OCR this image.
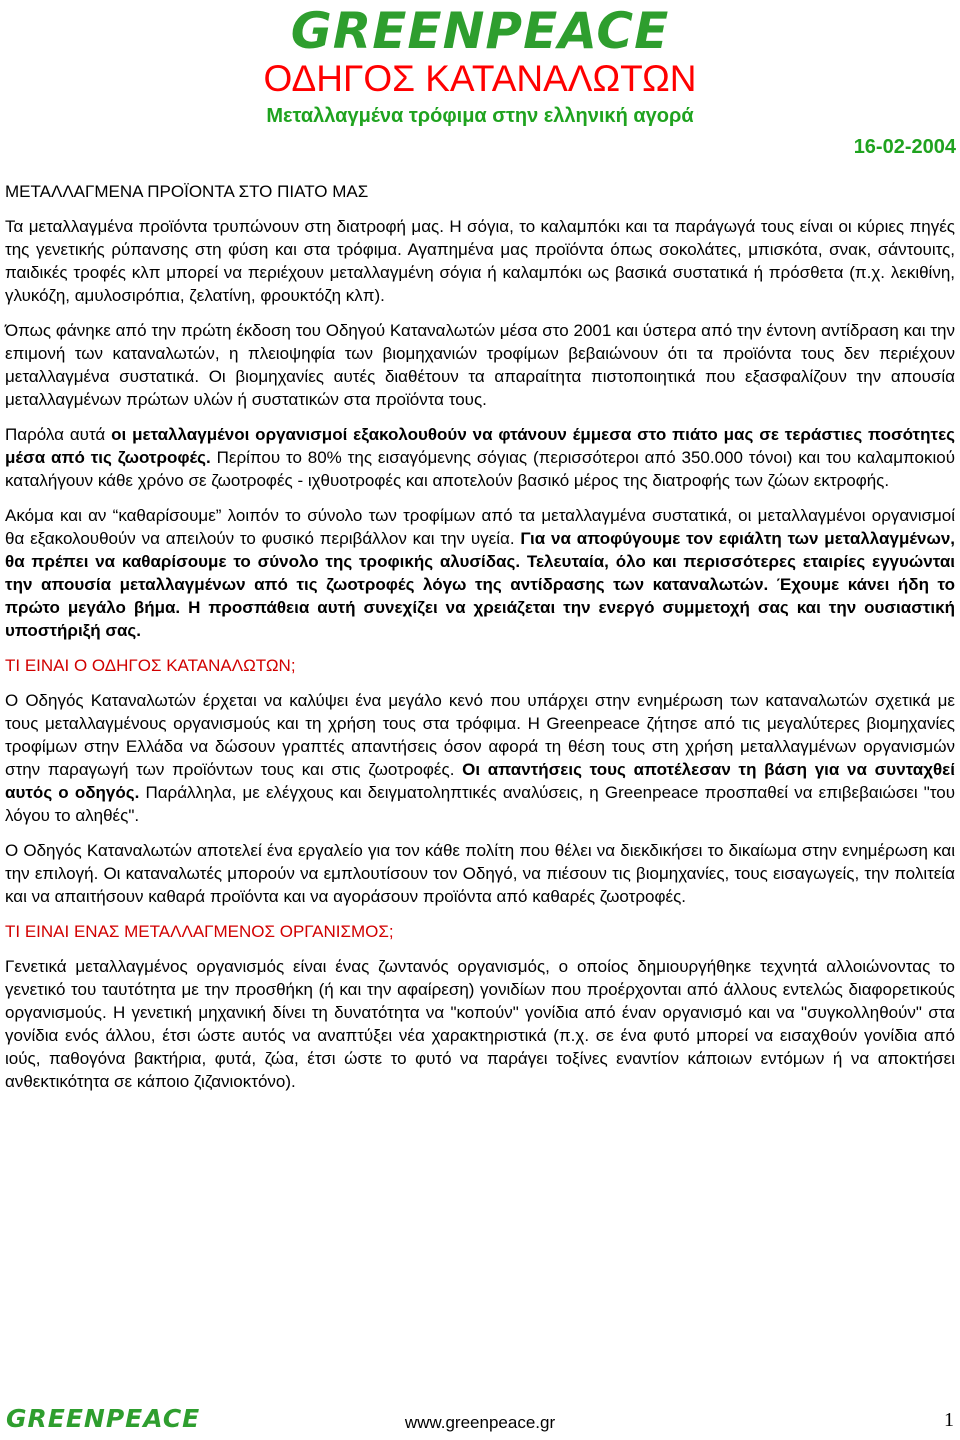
GREENPEACE
ΟΔΗΓΟΣ ΚΑΤΑΝΑΛΩΤΩΝ
Μεταλλαγμένα τρόφιμα στην ελληνική αγορά
16-02-2004
ΜΕΤΑΛΛΑΓΜΕΝΑ ΠΡΟΪΟΝΤΑ ΣΤΟ ΠΙΑΤΟ ΜΑΣ

Τα μεταλλαγμένα προϊόντα τρυπώνουν στη διατροφή μας. Η σόγια, το καλαμπόκι και τα παράγωγά τους είναι οι κύριες πηγές της γενετικής ρύπανσης στη φύση και στα τρόφιμα. Αγαπημένα μας προϊόντα όπως σοκολάτες, μπισκότα, σνακ, σάντουιτς, παιδικές τροφές κλπ μπορεί να περιέχουν μεταλλαγμένη σόγια ή καλαμπόκι ως βασικά συστατικά ή πρόσθετα (π.χ. λεκιθίνη, γλυκόζη, αμυλοσιρόπια, ζελατίνη, φρουκτόζη κλπ).

Όπως φάνηκε από την πρώτη έκδοση του Οδηγού Καταναλωτών μέσα στο 2001 και ύστερα από την έντονη αντίδραση και την επιμονή των καταναλωτών, η πλειοψηφία των βιομηχανιών τροφίμων βεβαιώνουν ότι τα προϊόντα τους δεν περιέχουν μεταλλαγμένα συστατικά. Οι βιομηχανίες αυτές διαθέτουν τα απαραίτητα πιστοποιητικά που εξασφαλίζουν την απουσία μεταλλαγμένων πρώτων υλών ή συστατικών στα προϊόντα τους.

Παρόλα αυτά οι μεταλλαγμένοι οργανισμοί εξακολουθούν να φτάνουν έμμεσα στο πιάτο μας σε τεράστιες ποσότητες μέσα από τις ζωοτροφές. Περίπου το 80% της εισαγόμενης σόγιας (περισσότεροι από 350.000 τόνοι) και του καλαμποκιού καταλήγουν κάθε χρόνο σε ζωοτροφές - ιχθυοτροφές και αποτελούν βασικό μέρος της διατροφής των ζώων εκτροφής.

Ακόμα και αν “καθαρίσουμε” λοιπόν το σύνολο των τροφίμων από τα μεταλλαγμένα συστατικά, οι μεταλλαγμένοι οργανισμοί θα εξακολουθούν να απειλούν το φυσικό περιβάλλον και την υγεία. Για να αποφύγουμε τον εφιάλτη των μεταλλαγμένων, θα πρέπει να καθαρίσουμε το σύνολο της τροφικής αλυσίδας. Τελευταία, όλο και περισσότερες εταιρίες εγγυώνται την απουσία μεταλλαγμένων από τις ζωοτροφές λόγω της αντίδρασης των καταναλωτών. Έχουμε κάνει ήδη το πρώτο μεγάλο βήμα. Η προσπάθεια αυτή συνεχίζει να χρειάζεται την ενεργό συμμετοχή σας και την ουσιαστική υποστήριξή σας.

ΤΙ ΕΙΝΑΙ Ο ΟΔΗΓΟΣ ΚΑΤΑΝΑΛΩΤΩΝ;

Ο Οδηγός Καταναλωτών έρχεται να καλύψει ένα μεγάλο κενό που υπάρχει στην ενημέρωση των καταναλωτών σχετικά με τους μεταλλαγμένους οργανισμούς και τη χρήση τους στα τρόφιμα. Η Greenpeace ζήτησε από τις μεγαλύτερες βιομηχανίες τροφίμων στην Ελλάδα να δώσουν γραπτές απαντήσεις όσον αφορά τη θέση τους στη χρήση μεταλλαγμένων οργανισμών στην παραγωγή των προϊόντων τους και στις ζωοτροφές. Οι απαντήσεις τους αποτέλεσαν τη βάση για να συνταχθεί αυτός ο οδηγός. Παράλληλα, με ελέγχους και δειγματοληπτικές αναλύσεις, η Greenpeace προσπαθεί να επιβεβαιώσει "του λόγου το αληθές".

Ο Οδηγός Καταναλωτών αποτελεί ένα εργαλείο για τον κάθε πολίτη που θέλει να διεκδικήσει το δικαίωμα στην ενημέρωση και την επιλογή. Οι καταναλωτές μπορούν να εμπλουτίσουν τον Οδηγό, να πιέσουν τις βιομηχανίες, τους εισαγωγείς, την πολιτεία και να απαιτήσουν καθαρά προϊόντα και να αγοράσουν προϊόντα από καθαρές ζωοτροφές.

ΤΙ ΕΙΝΑΙ ΕΝΑΣ ΜΕΤΑΛΛΑΓΜΕΝΟΣ ΟΡΓΑΝΙΣΜΟΣ;

Γενετικά μεταλλαγμένος οργανισμός είναι ένας ζωντανός οργανισμός, ο οποίος δημιουργήθηκε τεχνητά αλλοιώνοντας το γενετικό του ταυτότητα με την προσθήκη (ή και την αφαίρεση) γονιδίων που προέρχονται από άλλους εντελώς διαφορετικούς οργανισμούς. Η γενετική μηχανική δίνει τη δυνατότητα να "κοπούν" γονίδια από έναν οργανισμό και να "συγκολληθούν" στα γονίδια ενός άλλου, έτσι ώστε αυτός να αναπτύξει νέα χαρακτηριστικά (π.χ. σε ένα φυτό μπορεί να εισαχθούν γονίδια από ιούς, παθογόνα βακτήρια, φυτά, ζώα, έτσι ώστε το φυτό να παράγει τοξίνες εναντίον κάποιων εντόμων ή να αποκτήσει ανθεκτικότητα σε κάποιο ζιζανιοκτόνο).

GREENPEACE	www.greenpeace.gr	1
